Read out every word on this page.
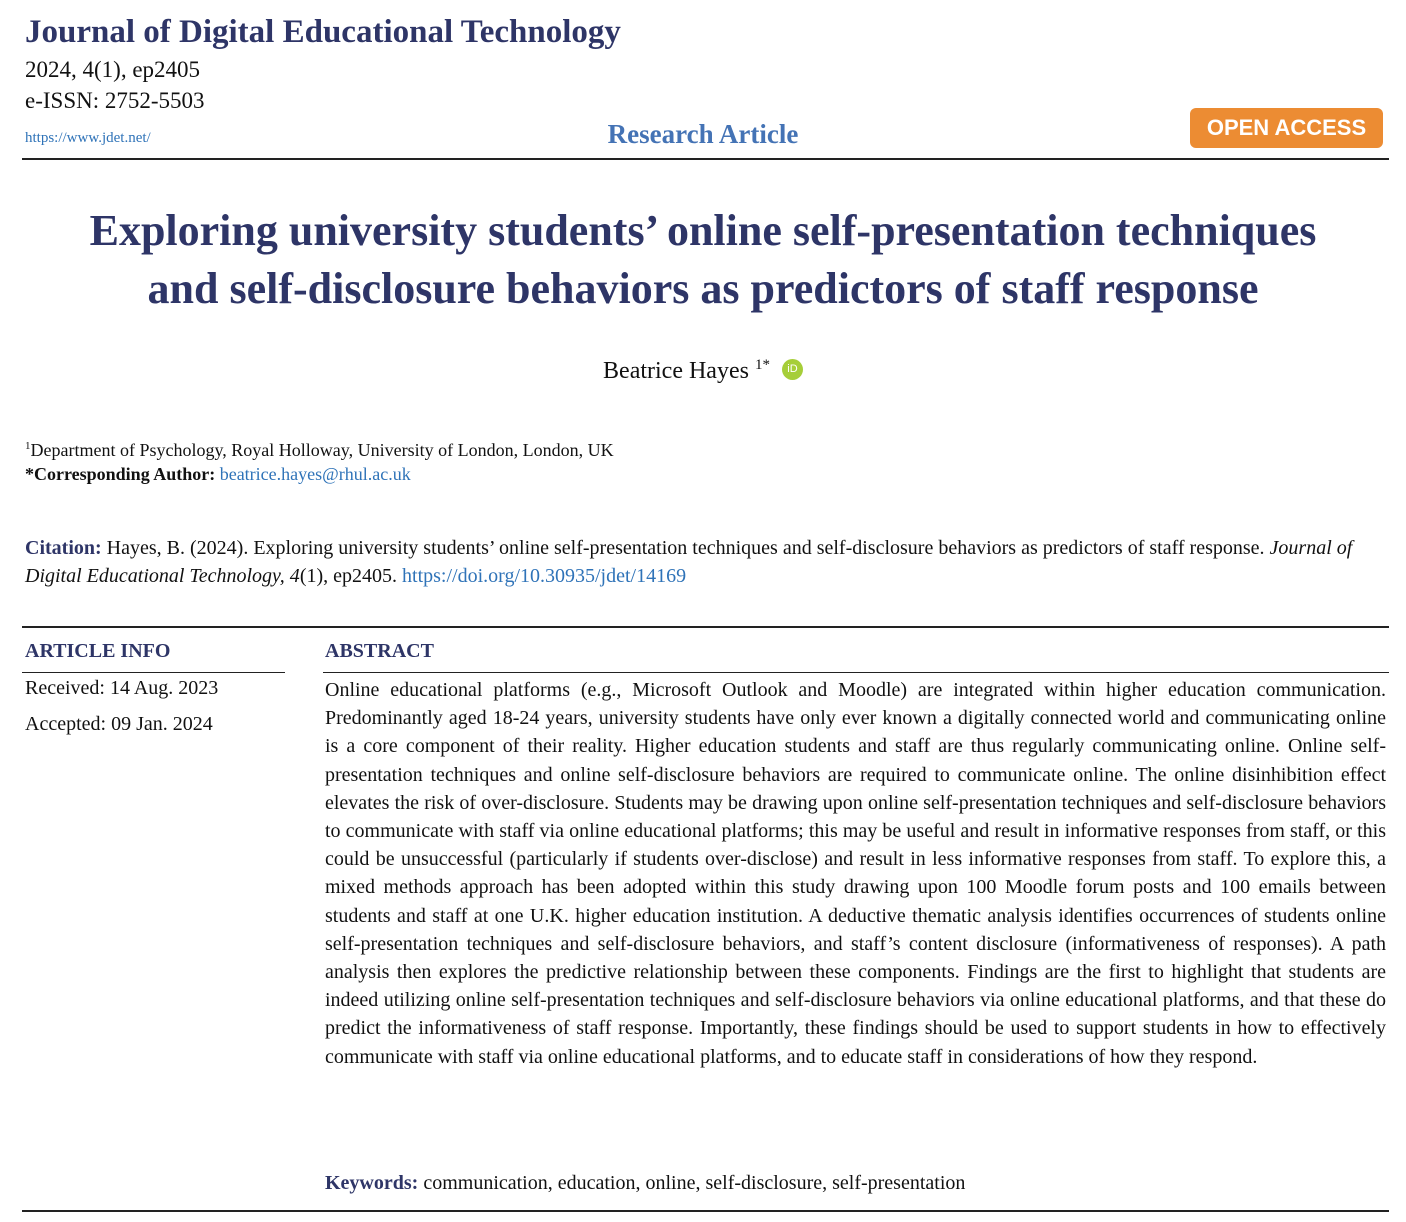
Journal of Digital Educational Technology
2024, 4(1), ep2405
e-ISSN: 2752-5503
https://www.jdet.net/	Research Article	OPEN ACCESS
Exploring university students’ online self-presentation techniques
and self-disclosure behaviors as predictors of staff response
Beatrice Hayes $^{1*}$ iD
$^1$Department of Psychology, Royal Holloway, University of London, London, UK
*Corresponding Author: beatrice.hayes@rhul.ac.uk
Citation: Hayes, B. (2024). Exploring university students’ online self-presentation techniques and self-disclosure behaviors as predictors of staff response. Journal of Digital Educational Technology, 4(1), ep2405. https://doi.org/10.30935/jdet/14169
ARTICLE INFO
Received: 14 Aug. 2023
Accepted: 09 Jan. 2024
ABSTRACT
Online educational platforms (e.g., Microsoft Outlook and Moodle) are integrated within higher education communication. Predominantly aged 18-24 years, university students have only ever known a digitally connected world and communicating online is a core component of their reality. Higher education students and staff are thus regularly communicating online. Online self-presentation techniques and online self-disclosure behaviors are required to communicate online. The online disinhibition effect elevates the risk of over-disclosure. Students may be drawing upon online self-presentation techniques and self-disclosure behaviors to communicate with staff via online educational platforms; this may be useful and result in informative responses from staff, or this could be unsuccessful (particularly if students over-disclose) and result in less informative responses from staff. To explore this, a mixed methods approach has been adopted within this study drawing upon 100 Moodle forum posts and 100 emails between students and staff at one U.K. higher education institution. A deductive thematic analysis identifies occurrences of students online self-presentation techniques and self-disclosure behaviors, and staff’s content disclosure (informativeness of responses). A path analysis then explores the predictive relationship between these components. Findings are the first to highlight that students are indeed utilizing online self-presentation techniques and self-disclosure behaviors via online educational platforms, and that these do predict the informativeness of staff response. Importantly, these findings should be used to support students in how to effectively communicate with staff via online educational platforms, and to educate staff in considerations of how they respond.
Keywords: communication, education, online, self-disclosure, self-presentation
